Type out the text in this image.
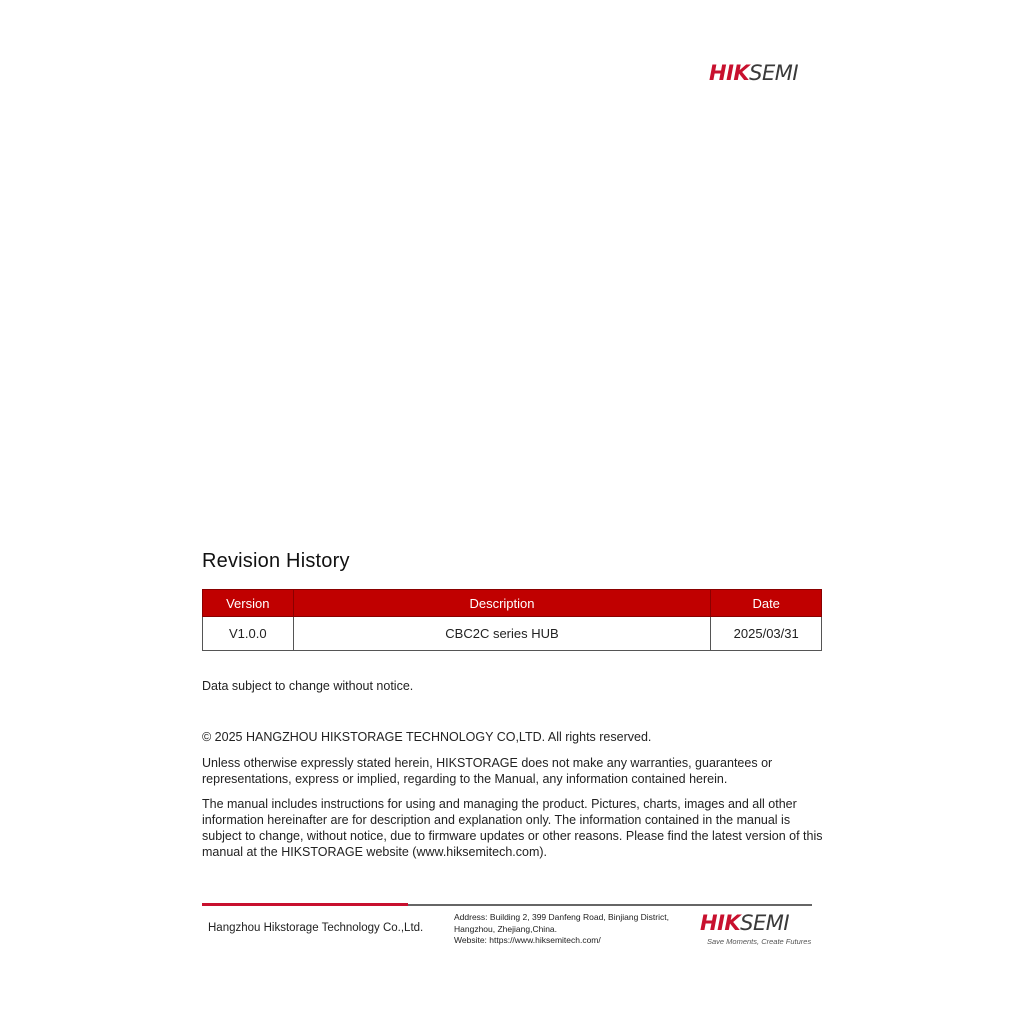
HIKSEMI
Revision History
Version	Description	Date
V1.0.0	CBC2C series HUB	2025/03/31

Data subject to change without notice.

© 2025 HANGZHOU HIKSTORAGE TECHNOLOGY CO,LTD. All rights reserved.

Unless otherwise expressly stated herein, HIKSTORAGE does not make any warranties, guarantees or representations, express or implied, regarding to the Manual, any information contained herein.

The manual includes instructions for using and managing the product. Pictures, charts, images and all other information hereinafter are for description and explanation only. The information contained in the manual is subject to change, without notice, due to firmware updates or other reasons. Please find the latest version of this manual at the HIKSTORAGE website (www.hiksemitech.com).

Hangzhou Hikstorage Technology Co.,Ltd.
Address: Building 2, 399 Danfeng Road, Binjiang District,
Hangzhou, Zhejiang,China.
Website: https://www.hiksemitech.com/
HIKSEMI
Save Moments, Create Futures
